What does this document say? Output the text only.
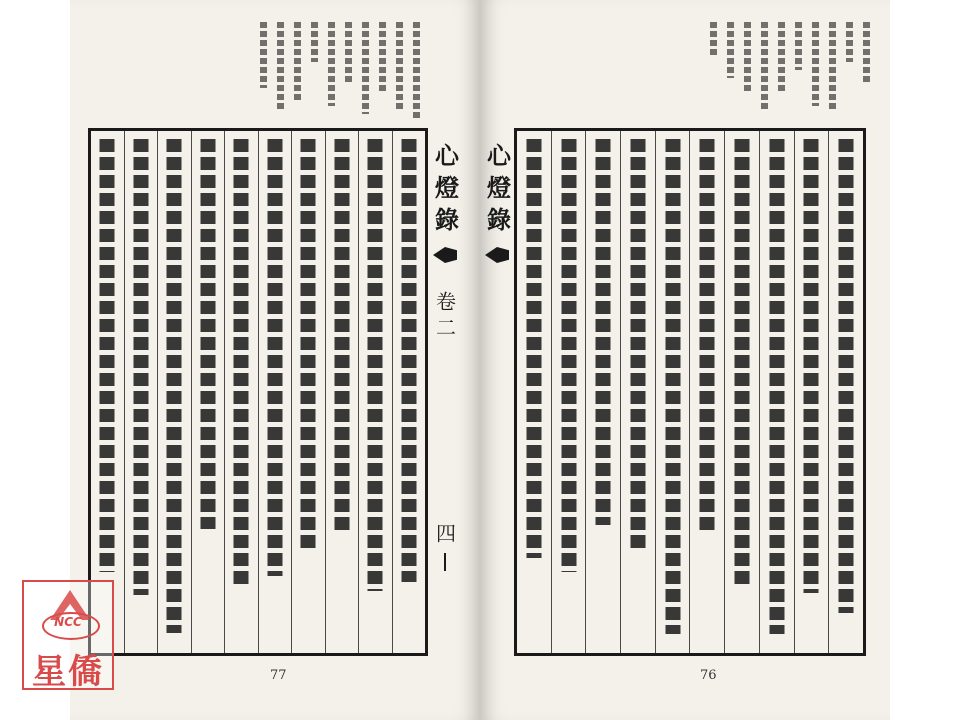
心燈錄
卷二
四
77
心燈錄
76
NCC
星僑
